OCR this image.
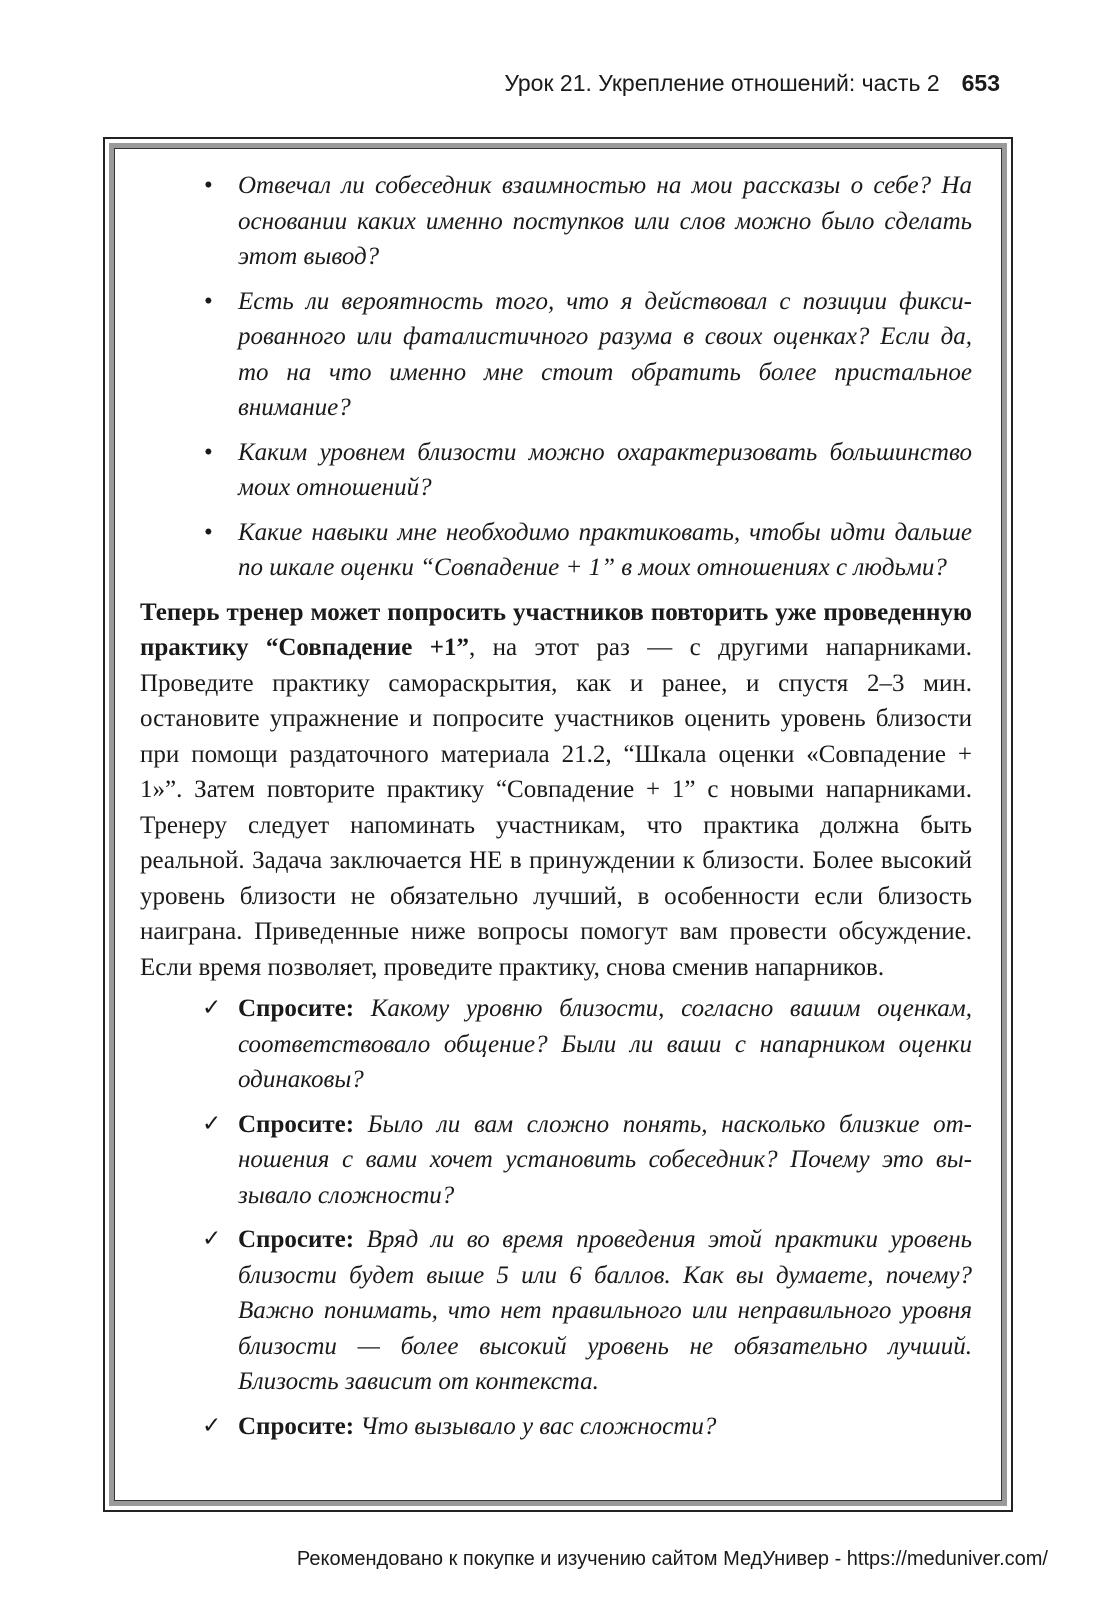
Урок 21. Укрепление отношений: часть 2 653
• Отвечал ли собеседник взаимностью на мои рассказы о себе? На основании каких именно поступков или слов можно было сделать этот вывод?
• Есть ли вероятность того, что я действовал с позиции фиксированного или фаталистичного разума в своих оценках? Если да, то на что именно мне стоит обратить более пристальное внимание?
• Каким уровнем близости можно охарактеризовать большинство моих отношений?
• Какие навыки мне необходимо практиковать, чтобы идти дальше по шкале оценки “Совпадение + 1” в моих отношениях с людьми?

Теперь тренер может попросить участников повторить уже проведенную практику “Совпадение +1”, на этот раз — с другими напарниками. Проведите практику самораскрытия, как и ранее, и спустя 2–3 мин. остановите упражнение и попросите участников оценить уровень близости при помощи раздаточного материала 21.2, “Шкала оценки «Совпадение + 1»”. Затем повторите практику “Совпадение + 1” с новыми напарниками. Тренеру следует напоминать участникам, что практика должна быть реальной. Задача заключается НЕ в принуждении к близости. Более высокий уровень близости не обязательно лучший, в особенности если близость наиграна. Приведенные ниже вопросы помогут вам провести обсуждение. Если время позволяет, проведите практику, снова сменив напарников.

✓ Спросите: Какому уровню близости, согласно вашим оценкам, соответствовало общение? Были ли ваши с напарником оценки одинаковы?
✓ Спросите: Было ли вам сложно понять, насколько близкие отношения с вами хочет установить собеседник? Почему это вызывало сложности?
✓ Спросите: Вряд ли во время проведения этой практики уровень близости будет выше 5 или 6 баллов. Как вы думаете, почему? Важно понимать, что нет правильного или неправильного уровня близости — более высокий уровень не обязательно лучший. Близость зависит от контекста.
✓ Спросите: Что вызывало у вас сложности?
Рекомендовано к покупке и изучению сайтом МедУнивер - https://meduniver.com/
